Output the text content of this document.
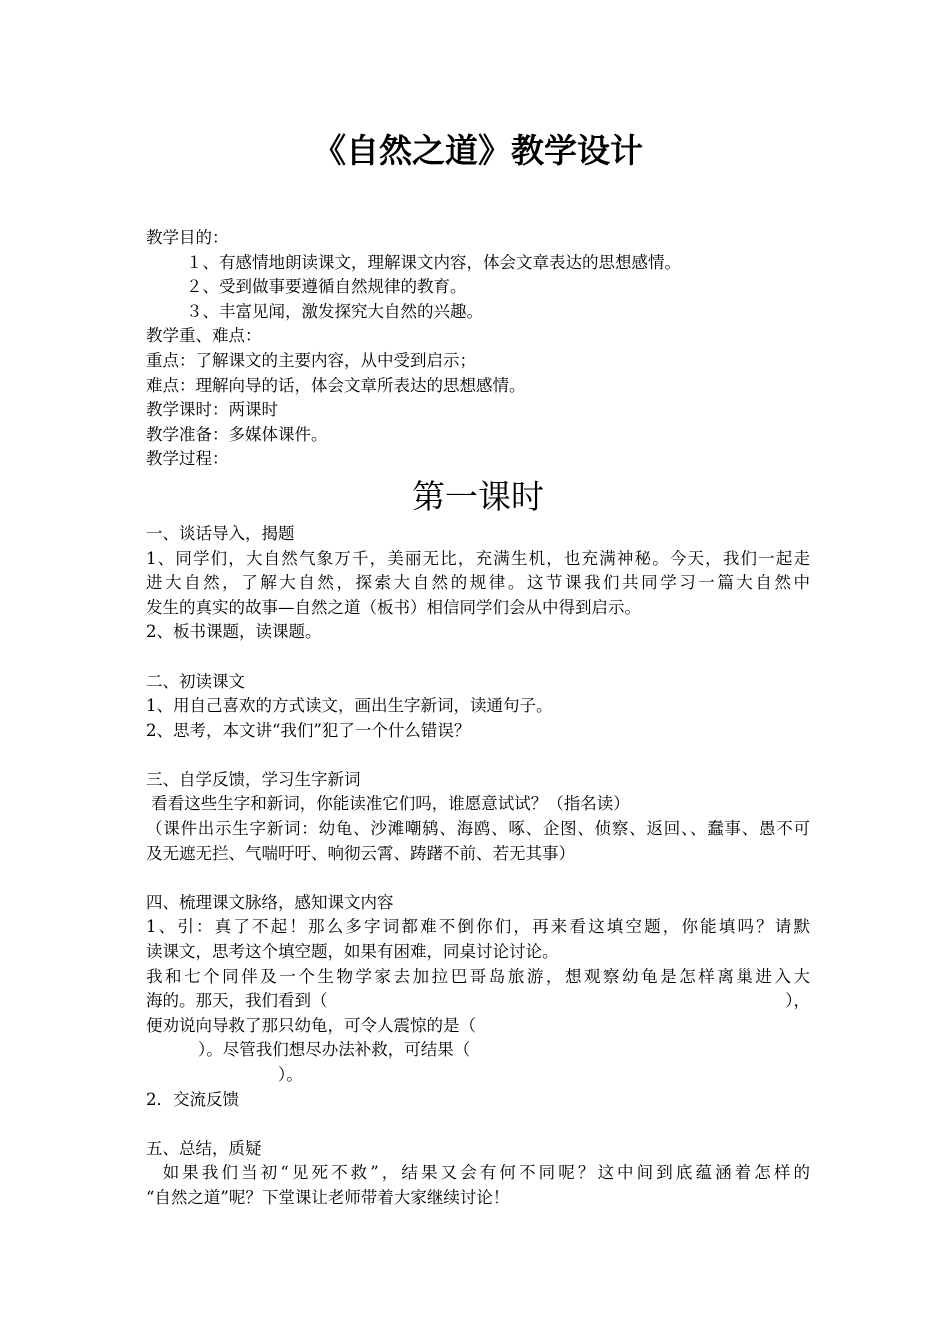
《自然之道》教学设计
教学目的：
１、有感情地朗读课文，理解课文内容，体会文章表达的思想感情。
２、受到做事要遵循自然规律的教育。
３、丰富见闻，激发探究大自然的兴趣。
教学重、难点：
重点：了解课文的主要内容，从中受到启示；
难点：理解向导的话，体会文章所表达的思想感情。
教学课时：两课时
教学准备：多媒体课件。
教学过程：
第一课时
一、谈话导入，揭题
1、同学们，大自然气象万千，美丽无比，充满生机，也充满神秘。今天，我们一起走
进大自然，了解大自然，探索大自然的规律。这节课我们共同学习一篇大自然中
发生的真实的故事—自然之道（板书）相信同学们会从中得到启示。
2、板书课题，读课题。
二、初读课文
1、用自己喜欢的方式读文，画出生字新词，读通句子。
2、思考，本文讲“我们”犯了一个什么错误？
三、自学反馈，学习生字新词
看看这些生字和新词，你能读准它们吗，谁愿意试试？（指名读）
（课件出示生字新词：幼龟、沙滩嘲鸫、海鸥、啄、企图、侦察、返回、、蠢事、愚不可
及无遮无拦、气喘吁吁、响彻云霄、踌躇不前、若无其事）
四、梳理课文脉络，感知课文内容
1、引：真了不起！那么多字词都难不倒你们，再来看这填空题，你能填吗？请默
读课文，思考这个填空题，如果有困难，同桌讨论讨论。
我和七个同伴及一个生物学家去加拉巴哥岛旅游，想观察幼龟是怎样离巢进入大
海的。那天，我们看到（	），
便劝说向导救了那只幼龟，可令人震惊的是（
）。尽管我们想尽办法补救，可结果（
）。
2．交流反馈
五、总结，质疑
如果我们当初“见死不救”，结果又会有何不同呢？这中间到底蕴涵着怎样的
“自然之道”呢？下堂课让老师带着大家继续讨论！
